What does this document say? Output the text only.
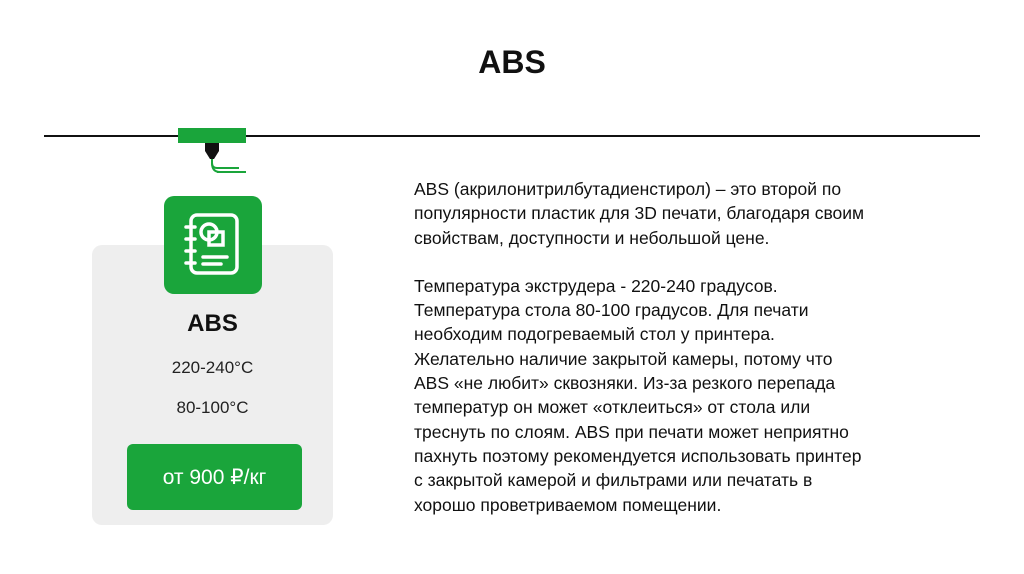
ABS
ABS
220-240°C
80-100°C
от 900 ₽/кг

ABS (акрилонитрилбутадиенстирол) – это второй по
популярности пластик для 3D печати, благодаря своим
свойствам, доступности и небольшой цене.

Температура экструдера - 220-240 градусов.
Температура стола 80-100 градусов. Для печати
необходим подогреваемый стол у принтера.
Желательно наличие закрытой камеры, потому что
ABS «не любит» сквозняки. Из-за резкого перепада
температур он может «отклеиться» от стола или
треснуть по слоям. ABS при печати может неприятно
пахнуть поэтому рекомендуется использовать принтер
с закрытой камерой и фильтрами или печатать в
хорошо проветриваемом помещении.
